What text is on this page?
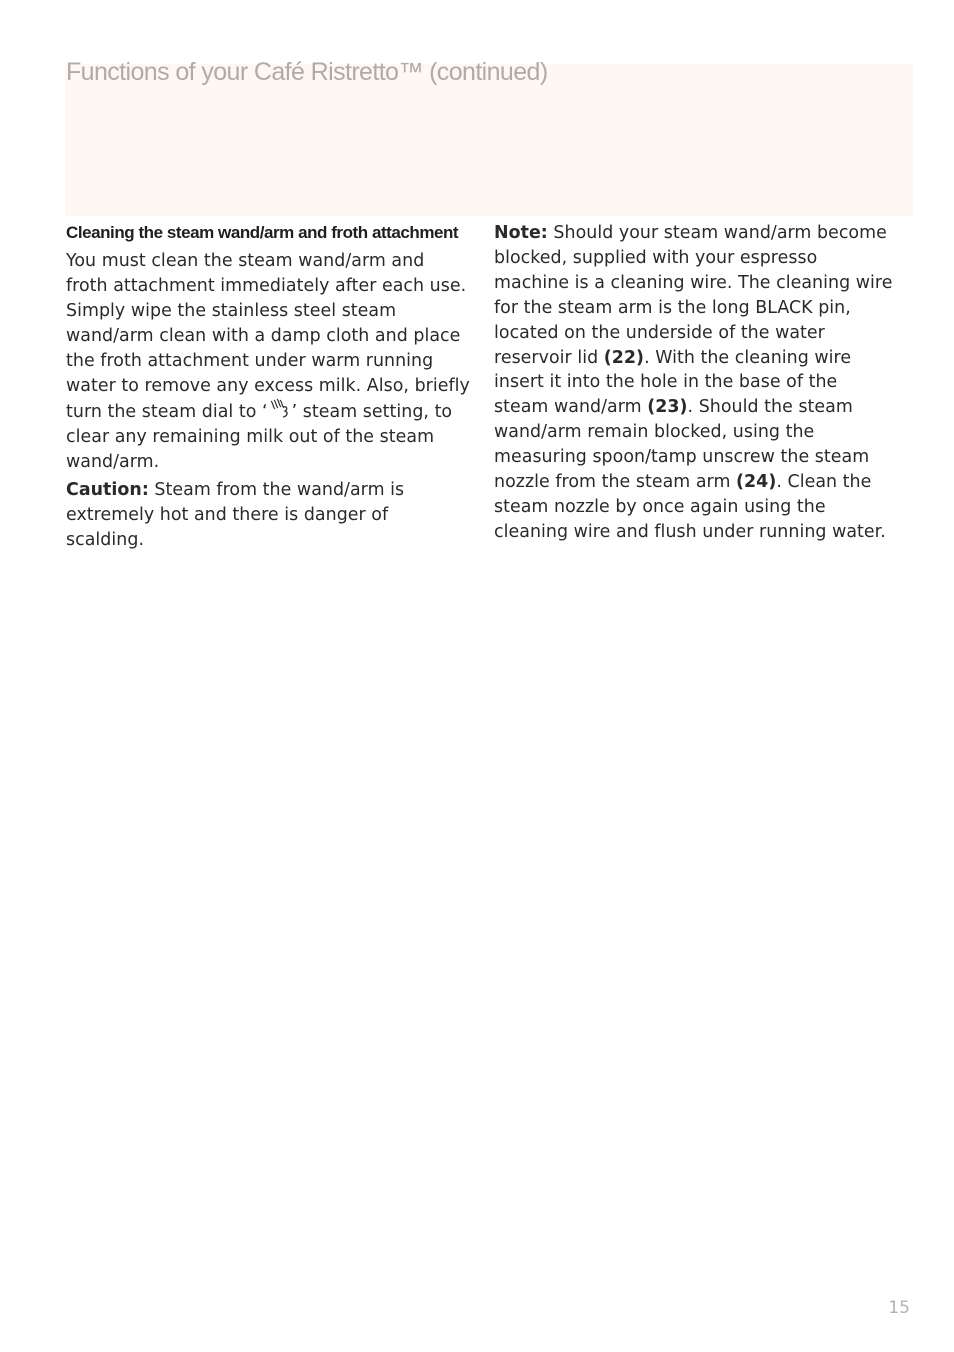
Functions of your Café Ristretto™ (continued)
Cleaning the steam wand/arm and froth attachment

You must clean the steam wand/arm and
froth attachment immediately after each use.
Simply wipe the stainless steel steam
wand/arm clean with a damp cloth and place
the froth attachment under warm running
water to remove any excess milk. Also, briefly
turn the steam dial to ‘ ’ steam setting, to
clear any remaining milk out of the steam
wand/arm.

Caution: Steam from the wand/arm is
extremely hot and there is danger of
scalding.

Note: Should your steam wand/arm become
blocked, supplied with your espresso
machine is a cleaning wire. The cleaning wire
for the steam arm is the long BLACK pin,
located on the underside of the water
reservoir lid (22). With the cleaning wire
insert it into the hole in the base of the
steam wand/arm (23). Should the steam
wand/arm remain blocked, using the
measuring spoon/tamp unscrew the steam
nozzle from the steam arm (24). Clean the
steam nozzle by once again using the
cleaning wire and flush under running water.

15
